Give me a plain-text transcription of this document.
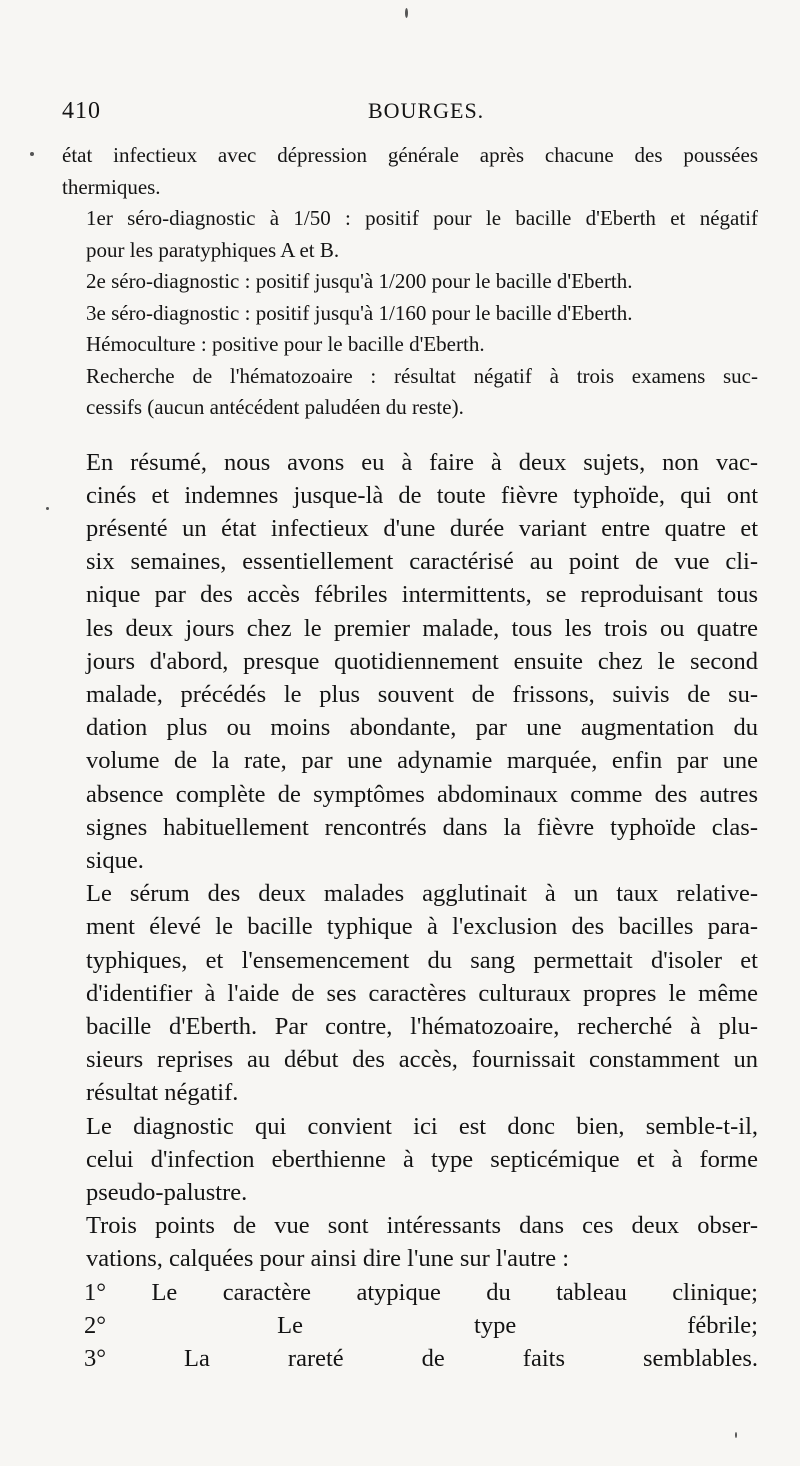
410	BOURGES.
état infectieux avec dépression générale après chacune des poussées
thermiques.
1er séro-diagnostic à 1/50 : positif pour le bacille d'Eberth et négatif
pour les paratyphiques A et B.
2e séro-diagnostic : positif jusqu'à 1/200 pour le bacille d'Eberth.
3e séro-diagnostic : positif jusqu'à 1/160 pour le bacille d'Eberth.
Hémoculture : positive pour le bacille d'Eberth.
Recherche de l'hématozoaire : résultat négatif à trois examens suc-
cessifs (aucun antécédent paludéen du reste).
En résumé, nous avons eu à faire à deux sujets, non vac-
cinés et indemnes jusque-là de toute fièvre typhoïde, qui ont
présenté un état infectieux d'une durée variant entre quatre et
six semaines, essentiellement caractérisé au point de vue cli-
nique par des accès fébriles intermittents, se reproduisant tous
les deux jours chez le premier malade, tous les trois ou quatre
jours d'abord, presque quotidiennement ensuite chez le second
malade, précédés le plus souvent de frissons, suivis de su-
dation plus ou moins abondante, par une augmentation du
volume de la rate, par une adynamie marquée, enfin par une
absence complète de symptômes abdominaux comme des autres
signes habituellement rencontrés dans la fièvre typhoïde clas-
sique.
Le sérum des deux malades agglutinait à un taux relative-
ment élevé le bacille typhique à l'exclusion des bacilles para-
typhiques, et l'ensemencement du sang permettait d'isoler et
d'identifier à l'aide de ses caractères culturaux propres le même
bacille d'Eberth. Par contre, l'hématozoaire, recherché à plu-
sieurs reprises au début des accès, fournissait constamment un
résultat négatif.
Le diagnostic qui convient ici est donc bien, semble-t-il,
celui d'infection eberthienne à type septicémique et à forme
pseudo-palustre.
Trois points de vue sont intéressants dans ces deux obser-
vations, calquées pour ainsi dire l'une sur l'autre :
1° Le caractère atypique du tableau clinique;
2° Le type fébrile;
3° La rareté de faits semblables.
